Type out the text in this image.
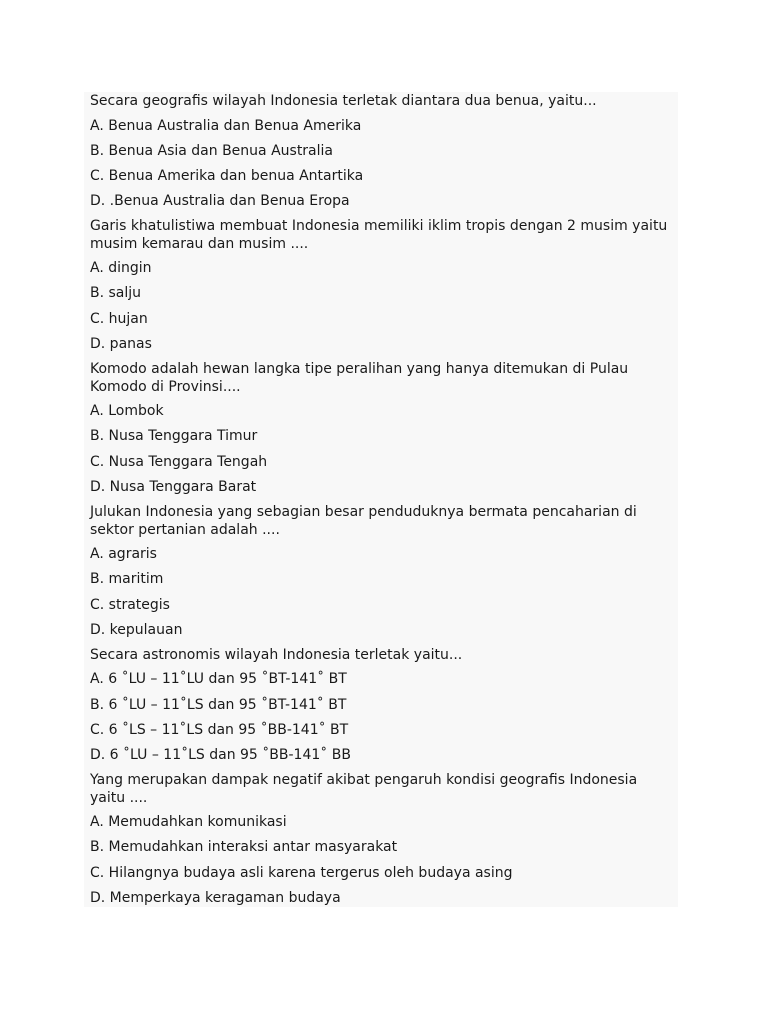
Secara geografis wilayah Indonesia terletak diantara dua benua, yaitu...
A. Benua Australia dan Benua Amerika
B. Benua Asia dan Benua Australia
C. Benua Amerika dan benua Antartika
D. .Benua Australia dan Benua Eropa
Garis khatulistiwa membuat Indonesia memiliki iklim tropis dengan 2 musim yaitu musim kemarau dan musim ....
A. dingin
B. salju
C. hujan
D. panas
Komodo adalah hewan langka tipe peralihan yang hanya ditemukan di Pulau Komodo di Provinsi....
A. Lombok
B. Nusa Tenggara Timur
C. Nusa Tenggara Tengah
D. Nusa Tenggara Barat
Julukan Indonesia yang sebagian besar penduduknya bermata pencaharian di sektor pertanian adalah ....
A. agraris
B. maritim
C. strategis
D. kepulauan
Secara astronomis wilayah Indonesia terletak yaitu...
A. 6 ˚LU – 11˚LU dan 95 ˚BT-141˚ BT
B. 6 ˚LU – 11˚LS dan 95 ˚BT-141˚ BT
C. 6 ˚LS – 11˚LS dan 95 ˚BB-141˚ BT
D. 6 ˚LU – 11˚LS dan 95 ˚BB-141˚ BB
Yang merupakan dampak negatif akibat pengaruh kondisi geografis Indonesia yaitu ....
A. Memudahkan komunikasi
B. Memudahkan interaksi antar masyarakat
C. Hilangnya budaya asli karena tergerus oleh budaya asing
D. Memperkaya keragaman budaya
